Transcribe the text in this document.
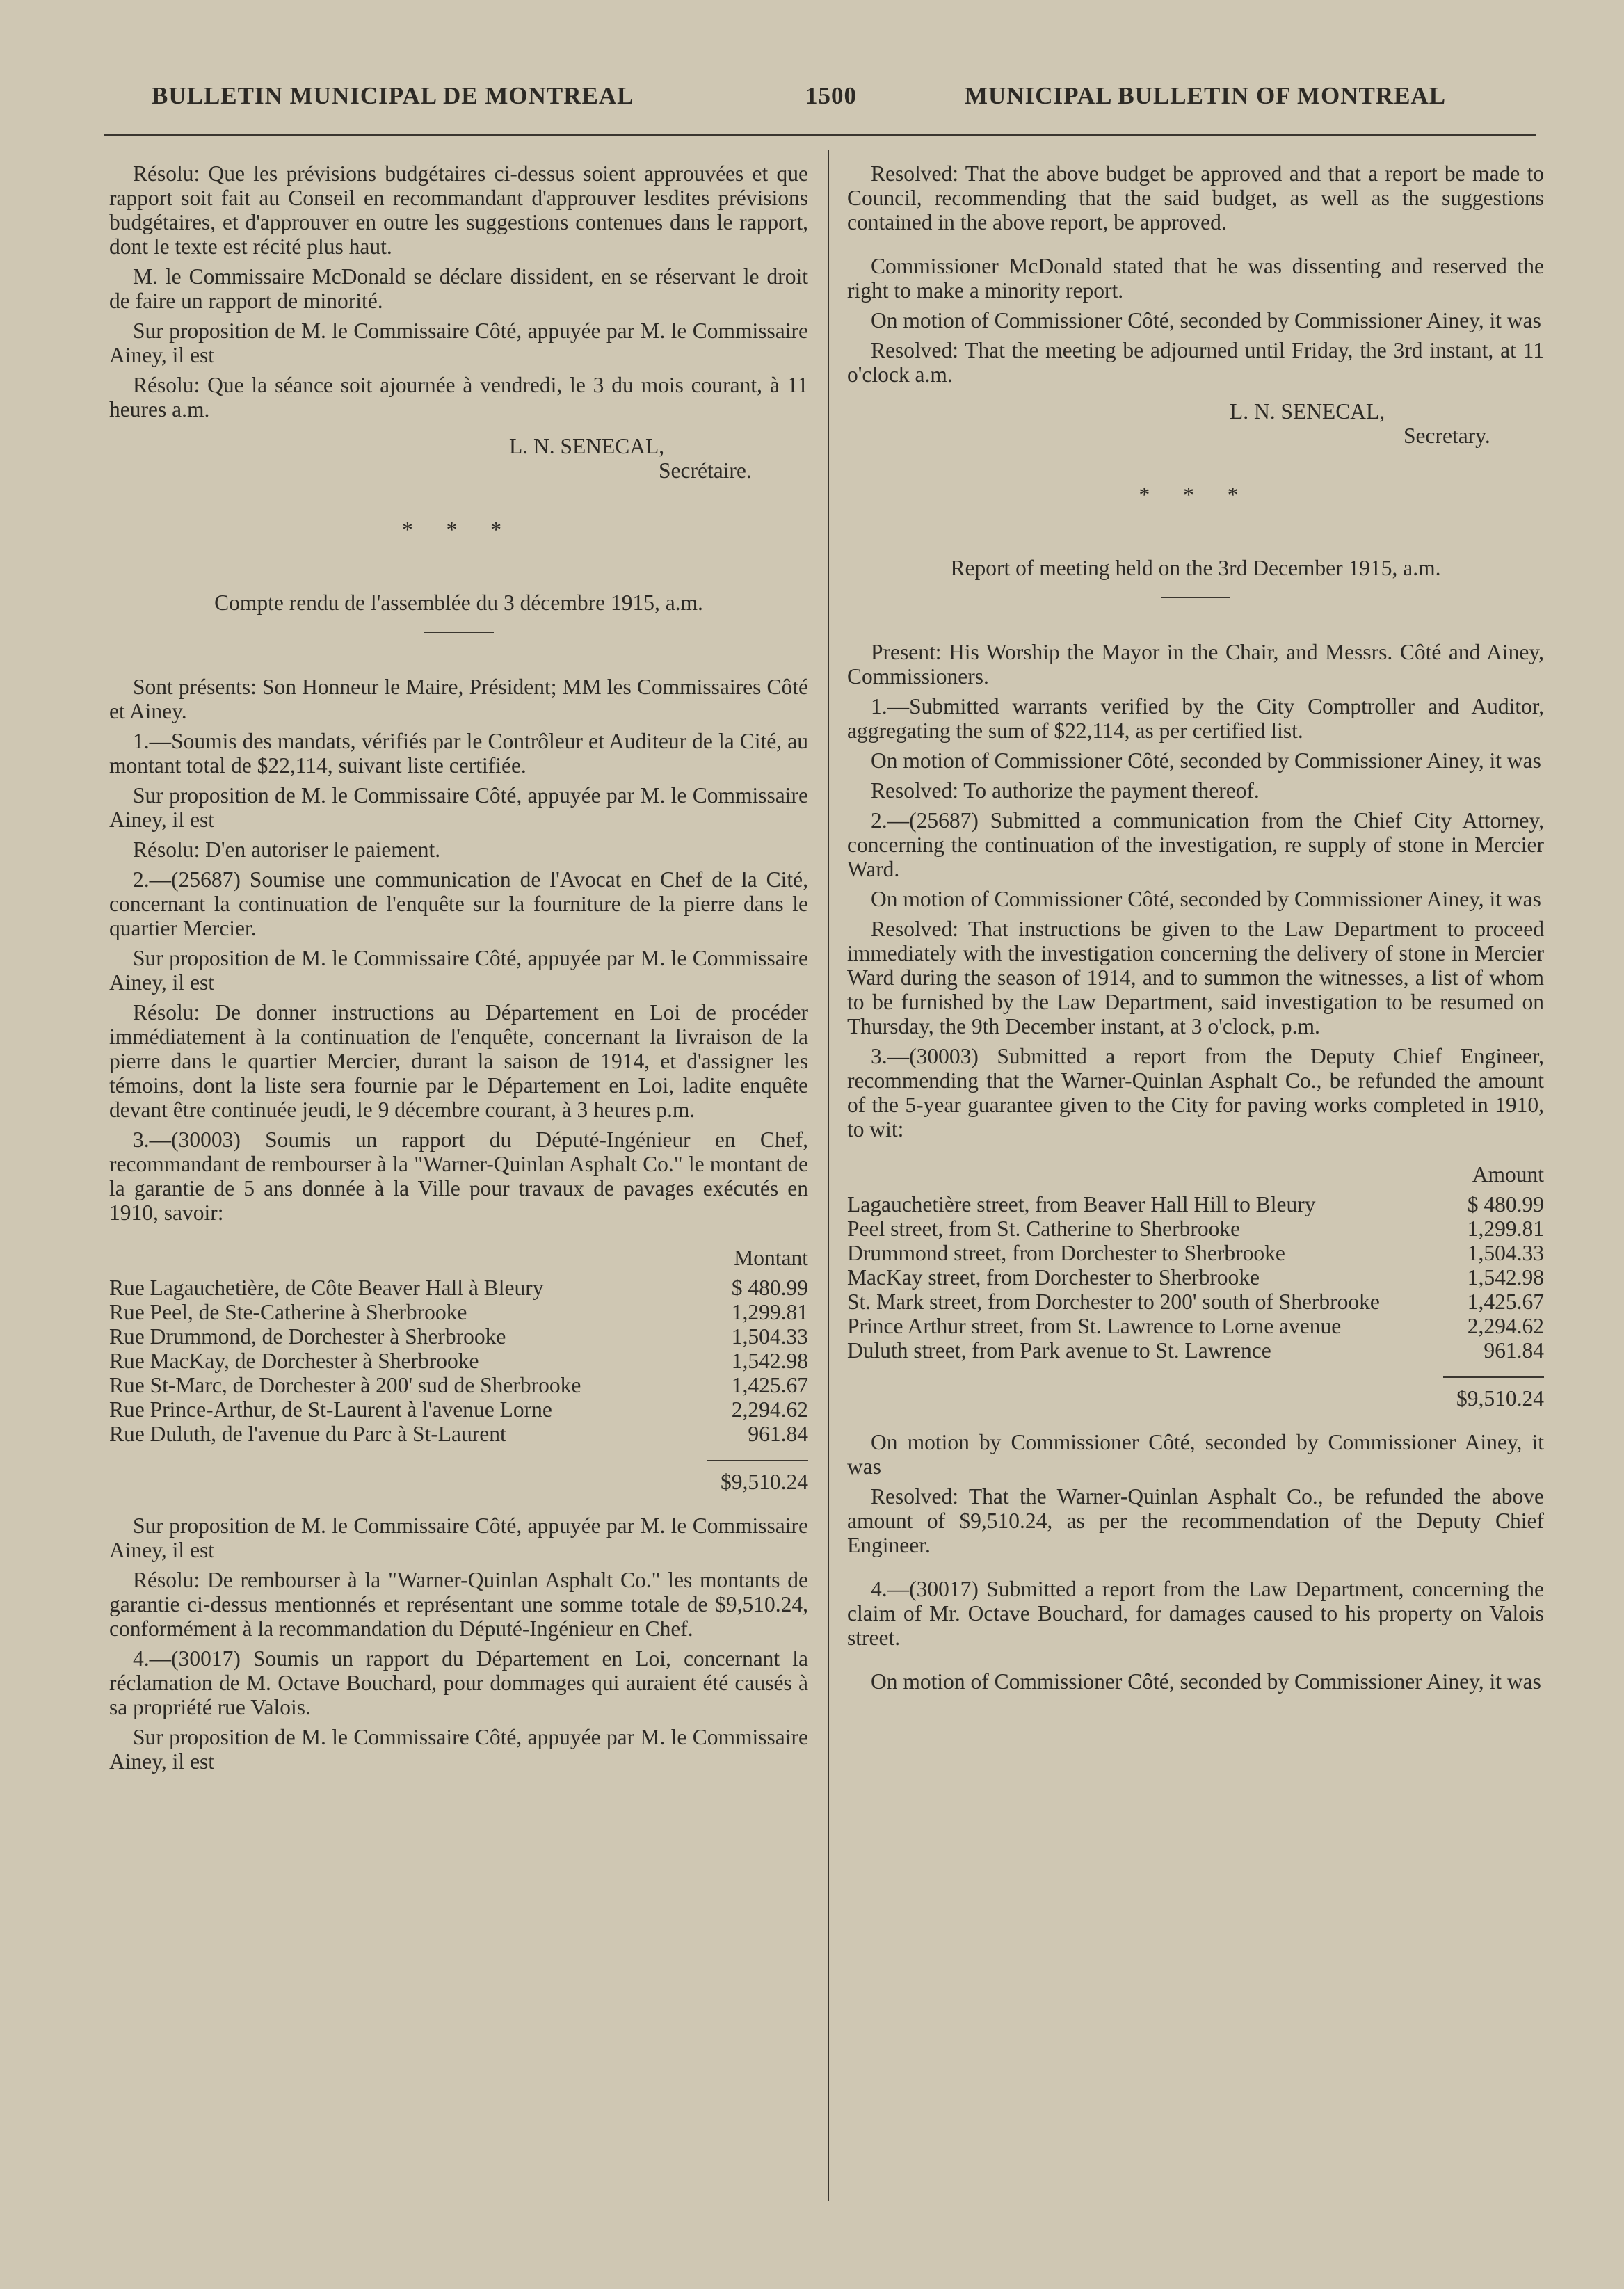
BULLETIN MUNICIPAL DE MONTREAL	1500	MUNICIPAL BULLETIN OF MONTREAL

Résolu: Que les prévisions budgétaires ci-dessus soient approuvées et que rapport soit fait au Conseil en recommandant d'approuver lesdites prévisions budgétaires, et d'approuver en outre les suggestions contenues dans le rapport, dont le texte est récité plus haut.

M. le Commissaire McDonald se déclare dissident, en se réservant le droit de faire un rapport de minorité.

Sur proposition de M. le Commissaire Côté, appuyée par M. le Commissaire Ainey, il est

Résolu: Que la séance soit ajournée à vendredi, le 3 du mois courant, à 11 heures a.m.

L. N. SENECAL,
Secrétaire.
* * *
Compte rendu de l'assemblée du 3 décembre 1915, a.m.

Sont présents: Son Honneur le Maire, Président; MM les Commissaires Côté et Ainey.

1.—Soumis des mandats, vérifiés par le Contrôleur et Auditeur de la Cité, au montant total de $22,114, suivant liste certifiée.

Sur proposition de M. le Commissaire Côté, appuyée par M. le Commissaire Ainey, il est

Résolu: D'en autoriser le paiement.

2.—(25687) Soumise une communication de l'Avocat en Chef de la Cité, concernant la continuation de l'enquête sur la fourniture de la pierre dans le quartier Mercier.

Sur proposition de M. le Commissaire Côté, appuyée par M. le Commissaire Ainey, il est

Résolu: De donner instructions au Département en Loi de procéder immédiatement à la continuation de l'enquête, concernant la livraison de la pierre dans le quartier Mercier, durant la saison de 1914, et d'assigner les témoins, dont la liste sera fournie par le Département en Loi, ladite enquête devant être continuée jeudi, le 9 décembre courant, à 3 heures p.m.

3.—(30003) Soumis un rapport du Député-Ingénieur en Chef, recommandant de rembourser à la "Warner-Quinlan Asphalt Co." le montant de la garantie de 5 ans donnée à la Ville pour travaux de pavages exécutés en 1910, savoir:

Montant
Rue Lagauchetière, de Côte Beaver Hall à Bleury	$ 480.99
Rue Peel, de Ste-Catherine à Sherbrooke	1,299.81
Rue Drummond, de Dorchester à Sherbrooke	1,504.33
Rue MacKay, de Dorchester à Sherbrooke	1,542.98
Rue St-Marc, de Dorchester à 200' sud de Sherbrooke	1,425.67
Rue Prince-Arthur, de St-Laurent à l'avenue Lorne	2,294.62
Rue Duluth, de l'avenue du Parc à St-Laurent	961.84
$9,510.24

Sur proposition de M. le Commissaire Côté, appuyée par M. le Commissaire Ainey, il est

Résolu: De rembourser à la "Warner-Quinlan Asphalt Co." les montants de garantie ci-dessus mentionnés et représentant une somme totale de $9,510.24, conformément à la recommandation du Député-Ingénieur en Chef.

4.—(30017) Soumis un rapport du Département en Loi, concernant la réclamation de M. Octave Bouchard, pour dommages qui auraient été causés à sa propriété rue Valois.

Sur proposition de M. le Commissaire Côté, appuyée par M. le Commissaire Ainey, il est

Resolved: That the above budget be approved and that a report be made to Council, recommending that the said budget, as well as the suggestions contained in the above report, be approved.

Commissioner McDonald stated that he was dissenting and reserved the right to make a minority report.

On motion of Commissioner Côté, seconded by Commissioner Ainey, it was

Resolved: That the meeting be adjourned until Friday, the 3rd instant, at 11 o'clock a.m.

L. N. SENECAL,
Secretary.
* * *
Report of meeting held on the 3rd December 1915, a.m.

Present: His Worship the Mayor in the Chair, and Messrs. Côté and Ainey, Commissioners.

1.—Submitted warrants verified by the City Comptroller and Auditor, aggregating the sum of $22,114, as per certified list.

On motion of Commissioner Côté, seconded by Commissioner Ainey, it was

Resolved: To authorize the payment thereof.

2.—(25687) Submitted a communication from the Chief City Attorney, concerning the continuation of the investigation, re supply of stone in Mercier Ward.

On motion of Commissioner Côté, seconded by Commissioner Ainey, it was

Resolved: That instructions be given to the Law Department to proceed immediately with the investigation concerning the delivery of stone in Mercier Ward during the season of 1914, and to summon the witnesses, a list of whom to be furnished by the Law Department, said investigation to be resumed on Thursday, the 9th December instant, at 3 o'clock, p.m.

3.—(30003) Submitted a report from the Deputy Chief Engineer, recommending that the Warner-Quinlan Asphalt Co., be refunded the amount of the 5-year guarantee given to the City for paving works completed in 1910, to wit:

Amount
Lagauchetière street, from Beaver Hall Hill to Bleury	$ 480.99
Peel street, from St. Catherine to Sherbrooke	1,299.81
Drummond street, from Dorchester to Sherbrooke	1,504.33
MacKay street, from Dorchester to Sherbrooke	1,542.98
St. Mark street, from Dorchester to 200' south of Sherbrooke	1,425.67
Prince Arthur street, from St. Lawrence to Lorne avenue	2,294.62
Duluth street, from Park avenue to St. Lawrence	961.84
$9,510.24

On motion by Commissioner Côté, seconded by Commissioner Ainey, it was

Resolved: That the Warner-Quinlan Asphalt Co., be refunded the above amount of $9,510.24, as per the recommendation of the Deputy Chief Engineer.

4.—(30017) Submitted a report from the Law Department, concerning the claim of Mr. Octave Bouchard, for damages caused to his property on Valois street.

On motion of Commissioner Côté, seconded by Commissioner Ainey, it was
